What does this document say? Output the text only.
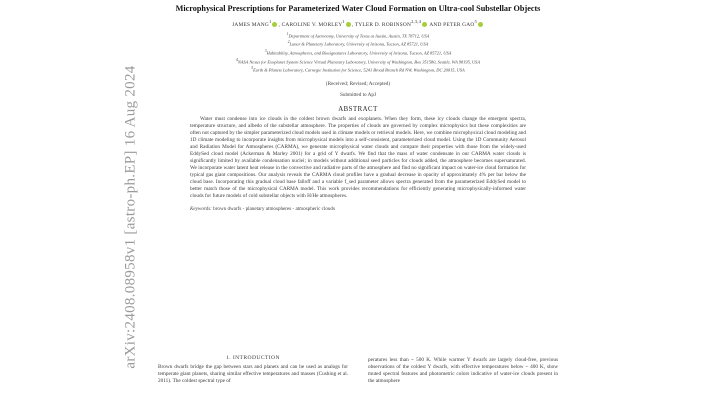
arXiv:2408.08958v1 [astro-ph.EP] 16 Aug 2024
Microphysical Prescriptions for Parameterized Water Cloud Formation on Ultra-cool Substellar Objects
JAMES MANG$^1$, CAROLINE V. MORLEY$^1$, TYLER D. ROBINSON$^{2,3,4}$ AND PETER GAO$^5$
$^1$Department of Astronomy, University of Texas at Austin, Austin, TX 78712, USA
$^2$Lunar & Planetary Laboratory, University of Arizona, Tucson, AZ 85721, USA
$^3$Habitability, Atmospheres, and Biosignatures Laboratory, University of Arizona, Tucson, AZ 85721, USA
$^4$NASA Nexus for Exoplanet System Science Virtual Planetary Laboratory, University of Washington, Box 351580, Seattle, WA 98195, USA
$^5$Earth & Planets Laboratory, Carnegie Institution for Science, 5241 Broad Branch Rd NW, Washington, DC 20015, USA
(Received; Revised; Accepted)
Submitted to ApJ
ABSTRACT

Water must condense into ice clouds in the coldest brown dwarfs and exoplanets. When they form, these icy clouds change the emergent spectra, temperature structure, and albedo of the substellar atmosphere. The properties of clouds are governed by complex microphysics but these complexities are often not captured by the simpler parameterized cloud models used in climate models or retrieval models. Here, we combine microphysical cloud modeling and 1D climate modeling to incorporate insights from microphysical models into a self-consistent, parameterized cloud model. Using the 1D Community Aerosol and Radiation Model for Atmospheres (CARMA), we generate microphysical water clouds and compare their properties with those from the widely-used EddySed cloud model (Ackerman & Marley 2001) for a grid of Y dwarfs. We find that the mass of water condensate in our CARMA water clouds is significantly limited by available condensation nuclei; in models without additional seed particles for clouds added, the atmosphere becomes supersaturated. We incorporate water latent heat release in the convective and radiative parts of the atmosphere and find no significant impact on water-ice cloud formation for typical gas giant compositions. Our analysis reveals the CARMA cloud profiles have a gradual decrease in opacity of approximately 4% per bar below the cloud base. Incorporating this gradual cloud base falloff and a variable f_sed parameter allows spectra generated from the parameterized EddySed model to better match those of the microphysical CARMA model. This work provides recommendations for efficiently generating microphysically-informed water clouds for future models of cold substellar objects with H/He atmospheres.

Keywords: brown dwarfs - planetary atmospheres - atmospheric clouds
1. INTRODUCTION
Brown dwarfs bridge the gap between stars and planets and can be used as analogs for temperate giant planets, sharing similar effective temperatures and masses (Cushing et al. 2011). The coldest spectral type of
peratures less than ~ 500 K. While warmer Y dwarfs are largely cloud-free, previous observations of the coldest Y dwarfs, with effective temperatures below ~ 400 K, show muted spectral features and photometric colors indicative of water-ice clouds present in the atmosphere
